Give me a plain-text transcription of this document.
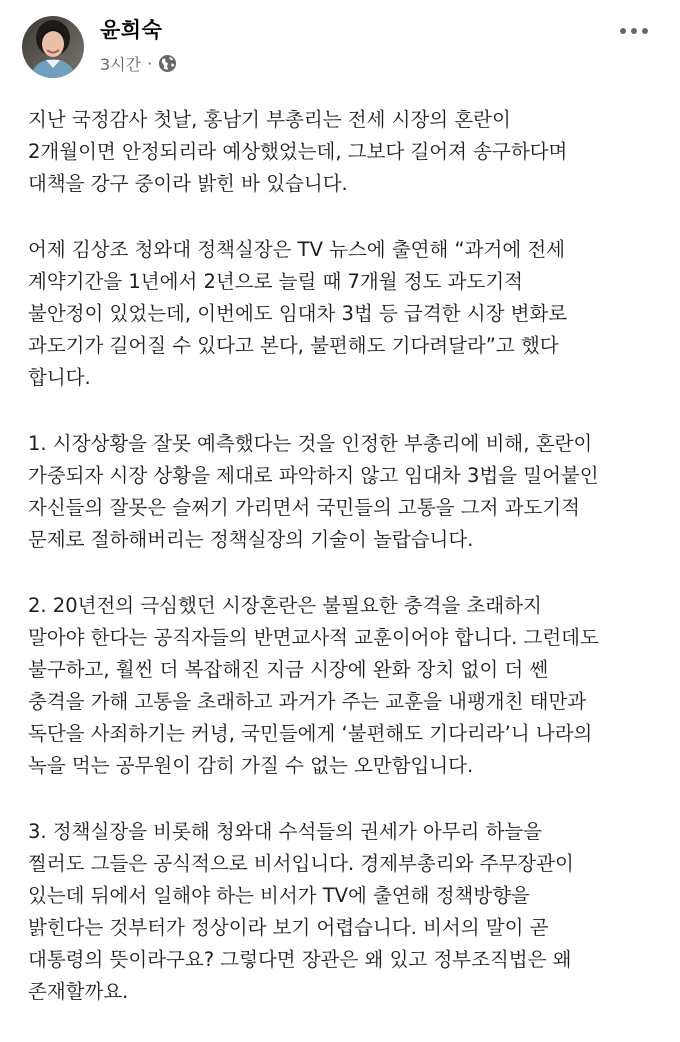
윤희숙
3시간 ·

지난 국정감사 첫날, 홍남기 부총리는 전세 시장의 혼란이
2개월이면 안정되리라 예상했었는데, 그보다 길어져 송구하다며
대책을 강구 중이라 밝힌 바 있습니다.

어제 김상조 청와대 정책실장은 TV 뉴스에 출연해 “과거에 전세
계약기간을 1년에서 2년으로 늘릴 때 7개월 정도 과도기적
불안정이 있었는데, 이번에도 임대차 3법 등 급격한 시장 변화로
과도기가 길어질 수 있다고 본다, 불편해도 기다려달라”고 했다
합니다.

1. 시장상황을 잘못 예측했다는 것을 인정한 부총리에 비해, 혼란이
가중되자 시장 상황을 제대로 파악하지 않고 임대차 3법을 밀어붙인
자신들의 잘못은 슬쩌기 가리면서 국민들의 고통을 그저 과도기적
문제로 절하해버리는 정책실장의 기술이 놀랍습니다.

2. 20년전의 극심했던 시장혼란은 불필요한 충격을 초래하지
말아야 한다는 공직자들의 반면교사적 교훈이어야 합니다. 그런데도
불구하고, 훨씬 더 복잡해진 지금 시장에 완화 장치 없이 더 쎈
충격을 가해 고통을 초래하고 과거가 주는 교훈을 내팽개친 태만과
독단을 사죄하기는 커녕, 국민들에게 ‘불편해도 기다리라’니 나라의
녹을 먹는 공무원이 감히 가질 수 없는 오만함입니다.

3. 정책실장을 비롯해 청와대 수석들의 권세가 아무리 하늘을
찔러도 그들은 공식적으로 비서입니다. 경제부총리와 주무장관이
있는데 뒤에서 일해야 하는 비서가 TV에 출연해 정책방향을
밝힌다는 것부터가 정상이라 보기 어렵습니다. 비서의 말이 곧
대통령의 뜻이라구요? 그렇다면 장관은 왜 있고 정부조직법은 왜
존재할까요.
